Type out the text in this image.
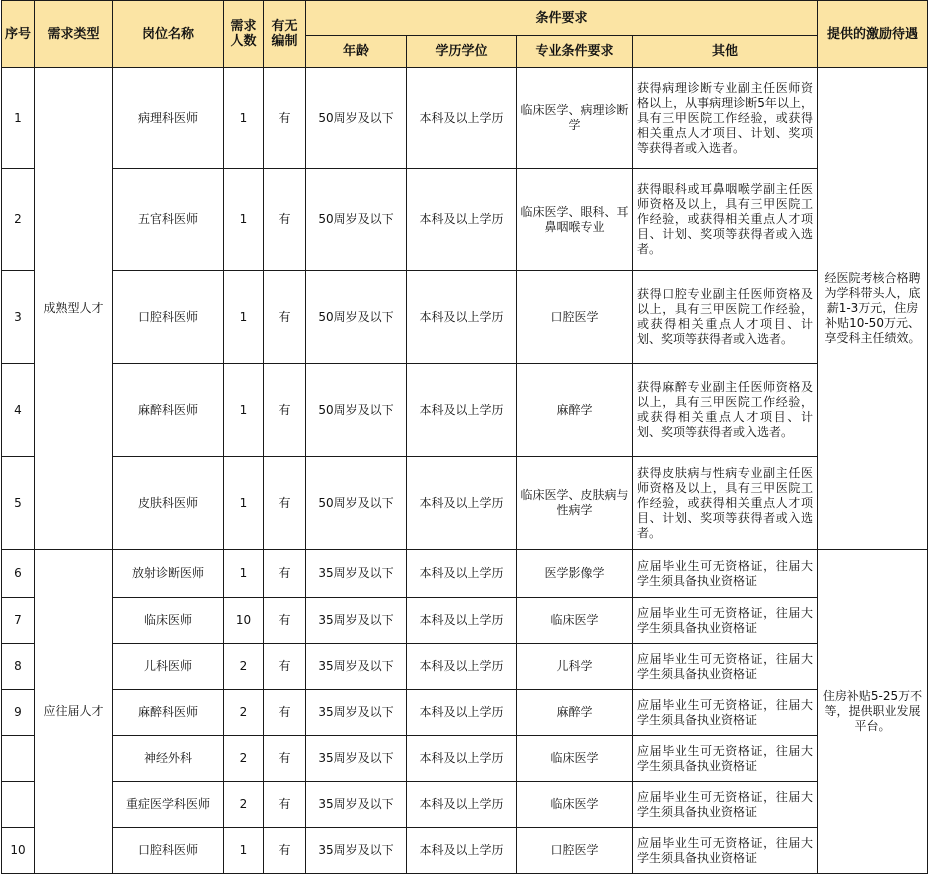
序号	需求类型	岗位名称	需求人数	有无编制	条件要求				提供的激励待遇
					年龄	学历学位	专业条件要求	其他	
1	成熟型人才	病理科医师	1	有	50周岁及以下	本科及以上学历	临床医学、病理诊断学	获得病理诊断专业副主任医师资格以上，从事病理诊断5年以上，具有三甲医院工作经验，或获得相关重点人才项目、计划、奖项等获得者或入选者。	经医院考核合格聘为学科带头人，底薪1-3万元，住房补贴10-50万元、享受科主任绩效。
2		五官科医师	1	有	50周岁及以下	本科及以上学历	临床医学、眼科、耳鼻咽喉专业	获得眼科或耳鼻咽喉学副主任医师资格及以上，具有三甲医院工作经验，或获得相关重点人才项目、计划、奖项等获得者或入选者。	
3		口腔科医师	1	有	50周岁及以下	本科及以上学历	口腔医学	获得口腔专业副主任医师资格及以上，具有三甲医院工作经验，或获得相关重点人才项目、计划、奖项等获得者或入选者。	
4		麻醉科医师	1	有	50周岁及以下	本科及以上学历	麻醉学	获得麻醉专业副主任医师资格及以上，具有三甲医院工作经验，或获得相关重点人才项目、计划、奖项等获得者或入选者。	
5		皮肤科医师	1	有	50周岁及以下	本科及以上学历	临床医学、皮肤病与性病学	获得皮肤病与性病专业副主任医师资格及以上，具有三甲医院工作经验，或获得相关重点人才项目、计划、奖项等获得者或入选者。	
6	应往届人才	放射诊断医师	1	有	35周岁及以下	本科及以上学历	医学影像学	应届毕业生可无资格证，往届大学生须具备执业资格证	住房补贴5-25万不等，提供职业发展平台。
7		临床医师	10	有	35周岁及以下	本科及以上学历	临床医学	应届毕业生可无资格证，往届大学生须具备执业资格证	
8		儿科医师	2	有	35周岁及以下	本科及以上学历	儿科学	应届毕业生可无资格证，往届大学生须具备执业资格证	
9		麻醉科医师	2	有	35周岁及以下	本科及以上学历	麻醉学	应届毕业生可无资格证，往届大学生须具备执业资格证	
		神经外科	2	有	35周岁及以下	本科及以上学历	临床医学	应届毕业生可无资格证，往届大学生须具备执业资格证	
		重症医学科医师	2	有	35周岁及以下	本科及以上学历	临床医学	应届毕业生可无资格证，往届大学生须具备执业资格证	
10		口腔科医师	1	有	35周岁及以下	本科及以上学历	口腔医学	应届毕业生可无资格证，往届大学生须具备执业资格证	
